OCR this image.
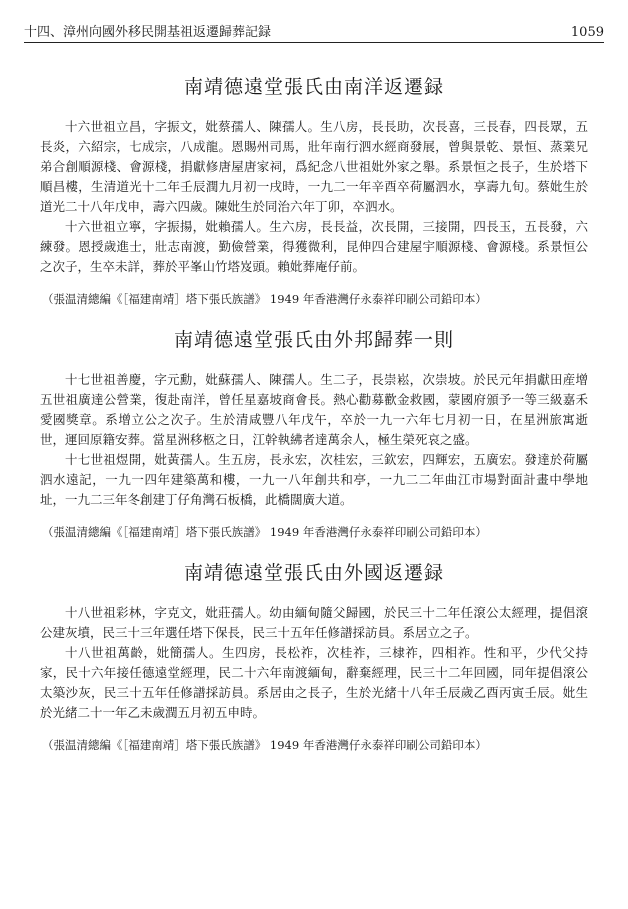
十四、漳州向國外移民開基祖返遷歸葬記録	1059
南靖德遠堂張氏由南洋返遷録

十六世祖立昌，字振文，妣蔡孺人、陳孺人。生八房，長長助，次長喜，三長春，四長眾，五長炎，六紹宗，七成宗，八成龍。恩賜州司馬，壯年南行泗水經商發展，曾與景乾、景恒、蒸業兄弟合創順源棧、會源棧，捐獻修唐屋唐家祠，爲紀念八世祖妣外家之舉。系景恒之長子，生於塔下順昌樓，生清道光十二年壬辰潤九月初一戌時，一九二一年辛酉卒荷屬泗水，享壽九旬。蔡妣生於道光二十八年戊申，壽六四歲。陳妣生於同治六年丁卯，卒泗水。

十六世祖立寧，字振揚，妣賴孺人。生六房，長長益，次長開，三接開，四長玉，五長發，六練發。恩授歲進士，壯志南渡，勤儉營業，得獲微利，昆伸四合建屋宇順源棧、會源棧。系景恒公之次子，生卒未詳，葬於平峯山竹塔岌頭。賴妣葬庵仔前。

（張温清總編《［福建南靖］塔下張氏族譜》 1949 年香港灣仔永泰祥印刷公司鉛印本）
南靖德遠堂張氏由外邦歸葬一則

十七世祖善慶，字元勳，妣蘇孺人、陳孺人。生二子，長崇崧，次崇坡。於民元年捐獻田産增五世祖廣達公營業，復赴南洋，曾任星嘉坡商會長。熱心勸募歡金救國，蒙國府頒予一等三級嘉禾愛國獎章。系增立公之次子。生於清咸豐八年戊午，卒於一九一六年七月初一日，在星洲旅寓逝世，運回原籍安葬。當星洲移柩之日，江幹執紼者達萬余人，極生榮死哀之盛。

十七世祖煜開，妣黃孺人。生五房，長永宏，次桂宏，三欽宏，四輝宏，五廣宏。發達於荷屬泗水遠記，一九一四年建築萬和樓，一九一八年創共和亭，一九二二年曲江市場對面計畫中學地址，一九二三年冬創建丁仔角灣石板橋，此橋闊廣大道。

（張温清總編《［福建南靖］塔下張氏族譜》 1949 年香港灣仔永泰祥印刷公司鉛印本）
南靖德遠堂張氏由外國返遷録

十八世祖彩林，字克文，妣莊孺人。幼由緬甸隨父歸國，於民三十二年任滾公太經理，提倡滾公建灰墳，民三十三年選任塔下保長，民三十五年任修譜採訪員。系居立之子。

十八世祖萬齡，妣簡孺人。生四房，長松祚，次桂祚，三棣祚，四相祚。性和平，少代父持家，民十六年接任德遠堂經理，民二十六年南渡緬甸，辭棄經理，民三十二年回國，同年提倡滾公太築沙灰，民三十五年任修譜採訪員。系居由之長子，生於光緒十八年壬辰歲乙酉丙寅壬辰。妣生於光緒二十一年乙未歲潤五月初五申時。

（張温清總編《［福建南靖］塔下張氏族譜》 1949 年香港灣仔永泰祥印刷公司鉛印本）
